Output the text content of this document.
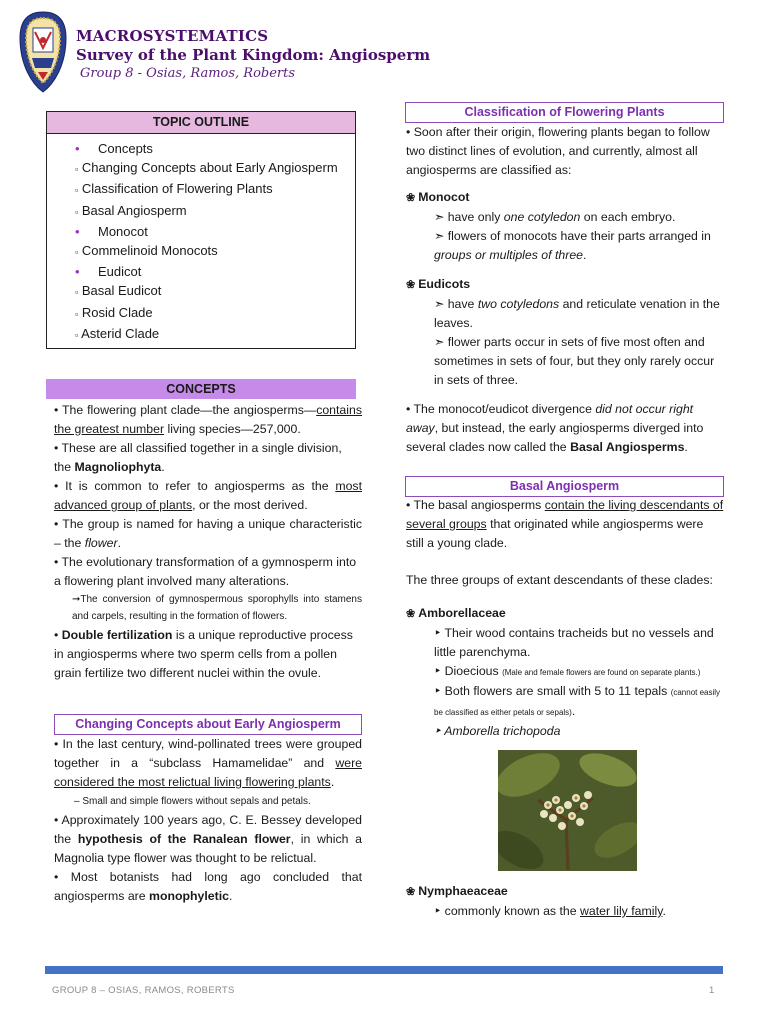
MACROSYSTEMATICS
Survey of the Plant Kingdom: Angiosperm
Group 8 - Osias, Ramos, Roberts
TOPIC OUTLINE
• Concepts
▫ Changing Concepts about Early Angiosperm
▫ Classification of Flowering Plants
▫ Basal Angiosperm
• Monocot
▫ Commelinoid Monocots
• Eudicot
▫ Basal Eudicot
▫ Rosid Clade
▫ Asterid Clade
CONCEPTS

• The flowering plant clade—the angiosperms—contains the greatest number living species—257,000.

• These are all classified together in a single division, the Magnoliophyta.

• It is common to refer to angiosperms as the most advanced group of plants, or the most derived.

• The group is named for having a unique characteristic – the flower.

• The evolutionary transformation of a gymnosperm into a flowering plant involved many alterations.

➞The conversion of gymnospermous sporophylls into stamens and carpels, resulting in the formation of flowers.

• Double fertilization is a unique reproductive process in angiosperms where two sperm cells from a pollen grain fertilize two different nuclei within the ovule.

Changing Concepts about Early Angiosperm

• In the last century, wind-pollinated trees were grouped together in a “subclass Hamamelidae” and were considered the most relictual living flowering plants.

– Small and simple flowers without sepals and petals.

• Approximately 100 years ago, C. E. Bessey developed the hypothesis of the Ranalean flower, in which a Magnolia type flower was thought to be relictual.

• Most botanists had long ago concluded that angiosperms are monophyletic.

Classification of Flowering Plants

• Soon after their origin, flowering plants began to follow two distinct lines of evolution, and currently, almost all angiosperms are classified as:

❀ Monocot

➣ have only one cotyledon on each embryo.

➣ flowers of monocots have their parts arranged in groups or multiples of three.

❀ Eudicots

➣ have two cotyledons and reticulate venation in the leaves.

➣ flower parts occur in sets of five most often and sometimes in sets of four, but they only rarely occur in sets of three.

• The monocot/eudicot divergence did not occur right away, but instead, the early angiosperms diverged into several clades now called the Basal Angiosperms.

Basal Angiosperm

• The basal angiosperms contain the living descendants of several groups that originated while angiosperms were still a young clade.

The three groups of extant descendants of these clades:

❀ Amborellaceae

‣ Their wood contains tracheids but no vessels and little parenchyma.

‣ Dioecious (Male and female flowers are found on separate plants.)

‣ Both flowers are small with 5 to 11 tepals (cannot easily be classified as either petals or sepals).

‣ Amborella trichopoda

❀ Nymphaeaceae

‣ commonly known as the water lily family.

GROUP 8 – OSIAS, RAMOS, ROBERTS	1
